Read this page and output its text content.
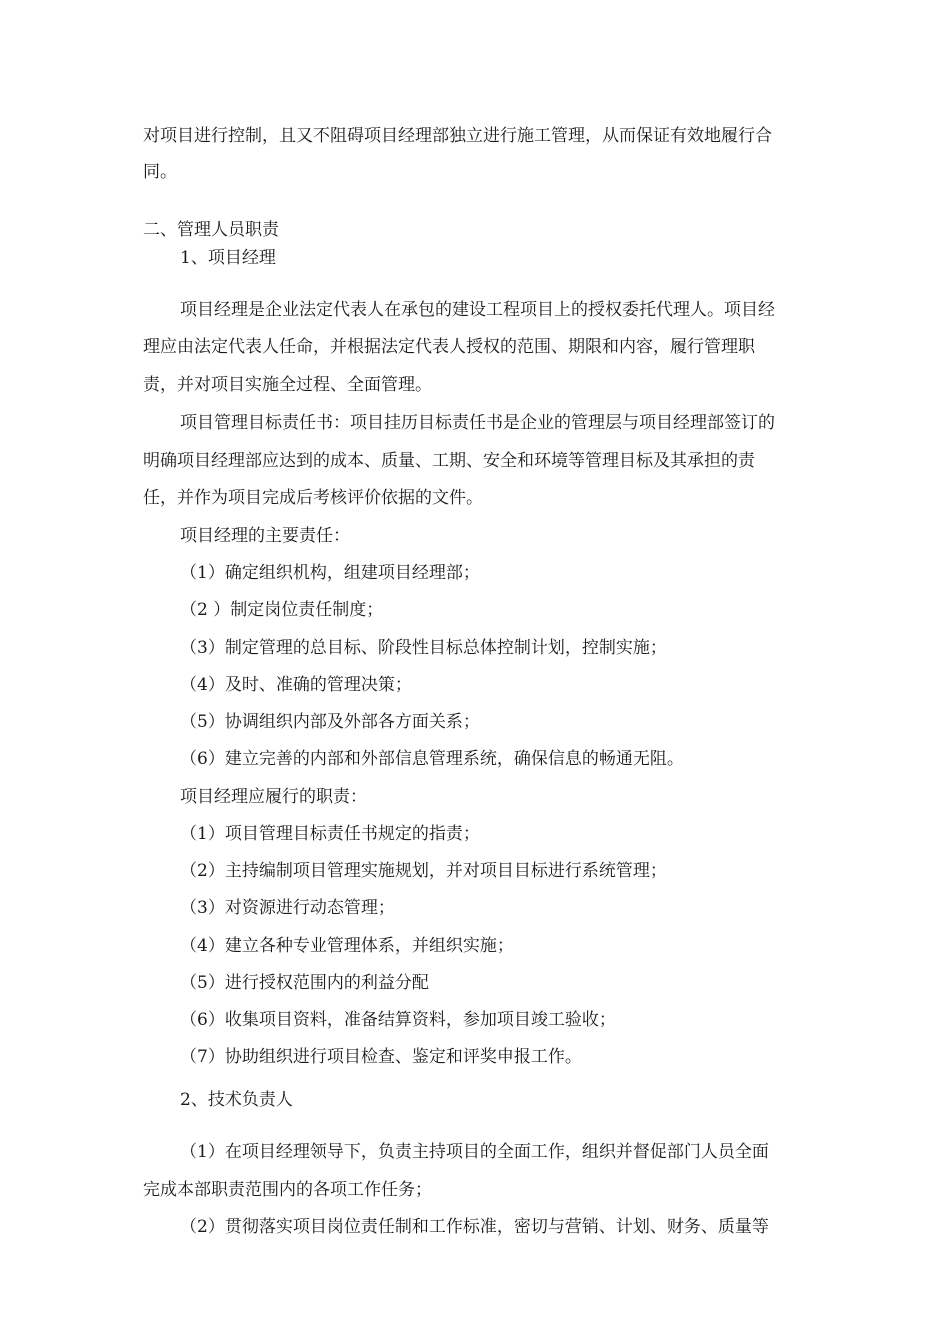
对项目进行控制，且又不阻碍项目经理部独立进行施工管理，从而保证有效地履行合
同。
二、管理人员职责
1、项目经理
项目经理是企业法定代表人在承包的建设工程项目上的授权委托代理人。项目经
理应由法定代表人任命，并根据法定代表人授权的范围、期限和内容，履行管理职
责，并对项目实施全过程、全面管理。
项目管理目标责任书：项目挂历目标责任书是企业的管理层与项目经理部签订的
明确项目经理部应达到的成本、质量、工期、安全和环境等管理目标及其承担的责
任，并作为项目完成后考核评价依据的文件。
项目经理的主要责任：
（1）确定组织机构，组建项目经理部；
（2 ）制定岗位责任制度；
（3）制定管理的总目标、阶段性目标总体控制计划，控制实施；
（4）及时、准确的管理决策；
（5）协调组织内部及外部各方面关系；
（6）建立完善的内部和外部信息管理系统，确保信息的畅通无阻。
项目经理应履行的职责：
（1）项目管理目标责任书规定的指责；
（2）主持编制项目管理实施规划，并对项目目标进行系统管理；
（3）对资源进行动态管理；
（4）建立各种专业管理体系，并组织实施；
（5）进行授权范围内的利益分配
（6）收集项目资料，准备结算资料，参加项目竣工验收；
（7）协助组织进行项目检查、鉴定和评奖申报工作。
2、技术负责人
（1）在项目经理领导下，负责主持项目的全面工作，组织并督促部门人员全面
完成本部职责范围内的各项工作任务；
（2）贯彻落实项目岗位责任制和工作标准，密切与营销、计划、财务、质量等
